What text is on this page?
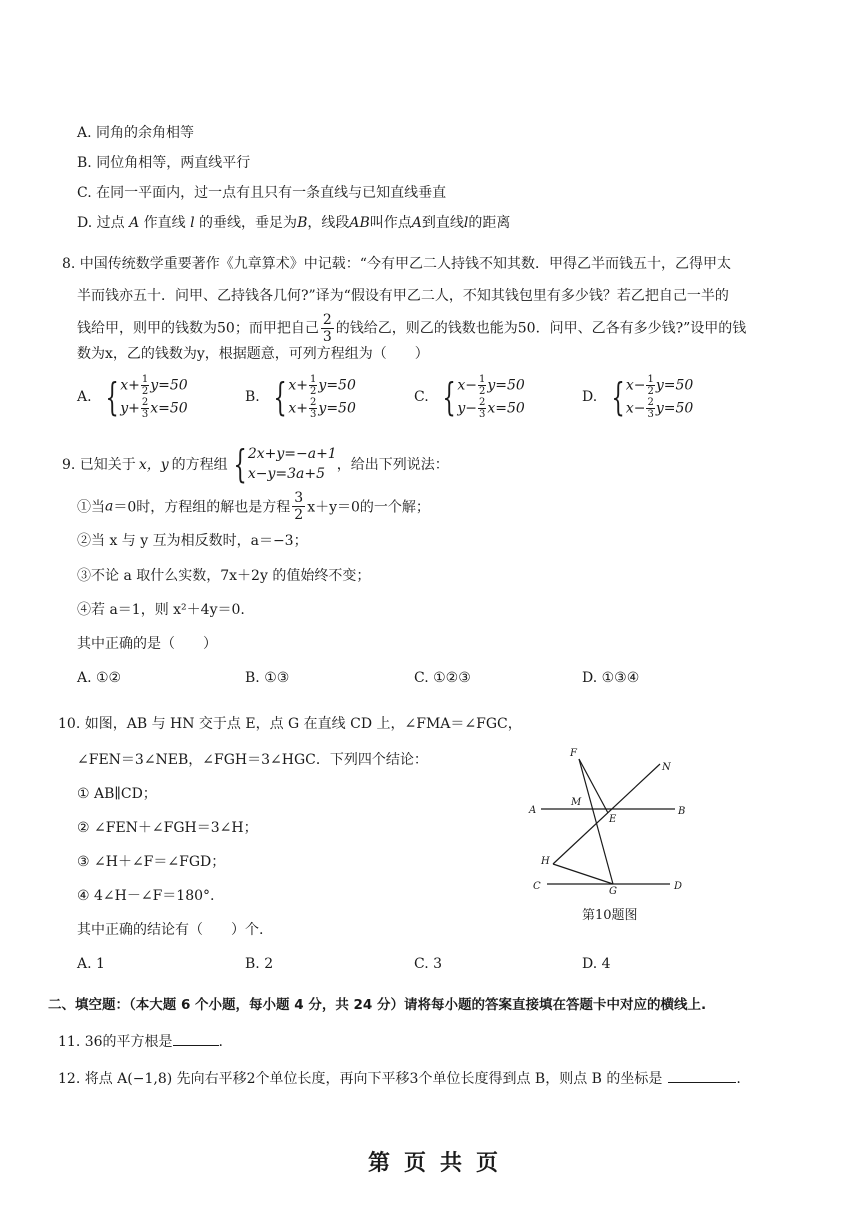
A. 同角的余角相等
B. 同位角相等，两直线平行
C. 在同一平面内，过一点有且只有一条直线与已知直线垂直
D. 过点 A 作直线 l 的垂线，垂足为B，线段AB叫作点A到直线l的距离
8. 中国传统数学重要著作《九章算术》中记载：“今有甲乙二人持钱不知其数．甲得乙半而钱五十，乙得甲太
半而钱亦五十．问甲、乙持钱各几何?”译为“假设有甲乙二人，不知其钱包里有多少钱？若乙把自己一半的
钱给甲，则甲的钱数为50；而甲把自己 $\frac{2}{3}$ 的钱给乙，则乙的钱数也能为50．问甲、乙各有多少钱?”设甲的钱
数为x，乙的钱数为y，根据题意，可列方程组为（　　）
A. { $x+ \frac{1}{2} y=50$
$y+ \frac{2}{3} x=50$
B. { $x+ \frac{1}{2} y=50$
$x+ \frac{2}{3} y=50$
C. { $x- \frac{1}{2} y=50$
$y- \frac{2}{3} x=50$
D. { $x- \frac{1}{2} y=50$
$x- \frac{2}{3} y=50$
9. 已知关于 x，y 的方程组 { 2x+y=−a+1
x−y=3a+5
，给出下列说法：
①当a＝0时，方程组的解也是方程 $\frac{3}{2} x+y=0$的一个解；
②当 x 与 y 互为相反数时，a＝−3；
③不论 a 取什么实数，7x＋2y 的值始终不变；
④若 a＝1，则 x²＋4y＝0.
其中正确的是（　　）
A. ①②	B. ①③	C. ①②③	D. ①③④
10. 如图，AB 与 HN 交于点 E，点 G 在直线 CD 上，∠FMA＝∠FGC，
∠FEN＝3∠NEB，∠FGH＝3∠HGC．下列四个结论：
① AB∥CD；
② ∠FEN＋∠FGH＝3∠H；
③ ∠H＋∠F＝∠FGD；
④ 4∠H－∠F＝180°.
其中正确的结论有（　　）个.
A. 1	B. 2	C. 3	D. 4
F
N
A
M
E
B
H
C	G	D
第10题图
二、填空题：（本大题 6 个小题，每小题 4 分，共 24 分）请将每小题的答案直接填在答题卡中对应的横线上.
11. 36的平方根是	.
12. 将点 A(−1,8) 先向右平移2个单位长度，再向下平移3个单位长度得到点 B，则点 B 的坐标是	.
第页共页
